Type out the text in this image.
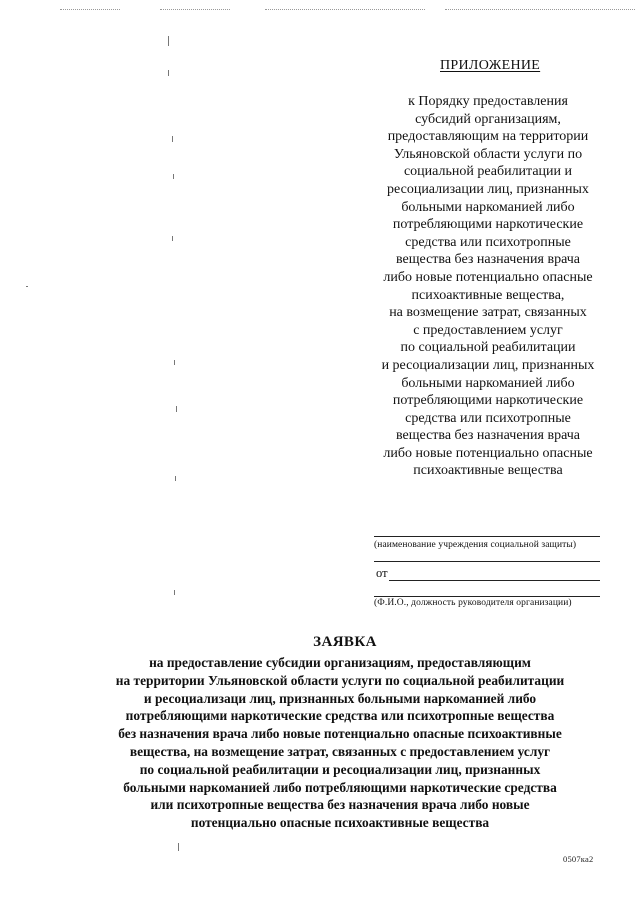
ПРИЛОЖЕНИЕ
к Порядку предоставления
субсидий организациям,
предоставляющим на территории
Ульяновской области услуги по
социальной реабилитации и
ресоциализации лиц, признанных
больными наркоманией либо
потребляющими наркотические
средства или психотропные
вещества без назначения врача
либо новые потенциально опасные
психоактивные вещества,
на возмещение затрат, связанных
с предоставлением услуг
по социальной реабилитации
и ресоциализации лиц, признанных
больными наркоманией либо
потребляющими наркотические
средства или психотропные
вещества без назначения врача
либо новые потенциально опасные
психоактивные вещества
(наименование учреждения социальной защиты)
от
(Ф.И.О., должность руководителя организации)
ЗАЯВКА
на предоставление субсидии организациям, предоставляющим
на территории Ульяновской области услуги по социальной реабилитации
и ресоциализаци лиц, признанных больными наркоманией либо
потребляющими наркотические средства или психотропные вещества
без назначения врача либо новые потенциально опасные психоактивные
вещества, на возмещение затрат, связанных с предоставлением услуг
по социальной реабилитации и ресоциализации лиц, признанных
больными наркоманией либо потребляющими наркотические средства
или психотропные вещества без назначения врача либо новые
потенциально опасные психоактивные вещества
0507ка2
